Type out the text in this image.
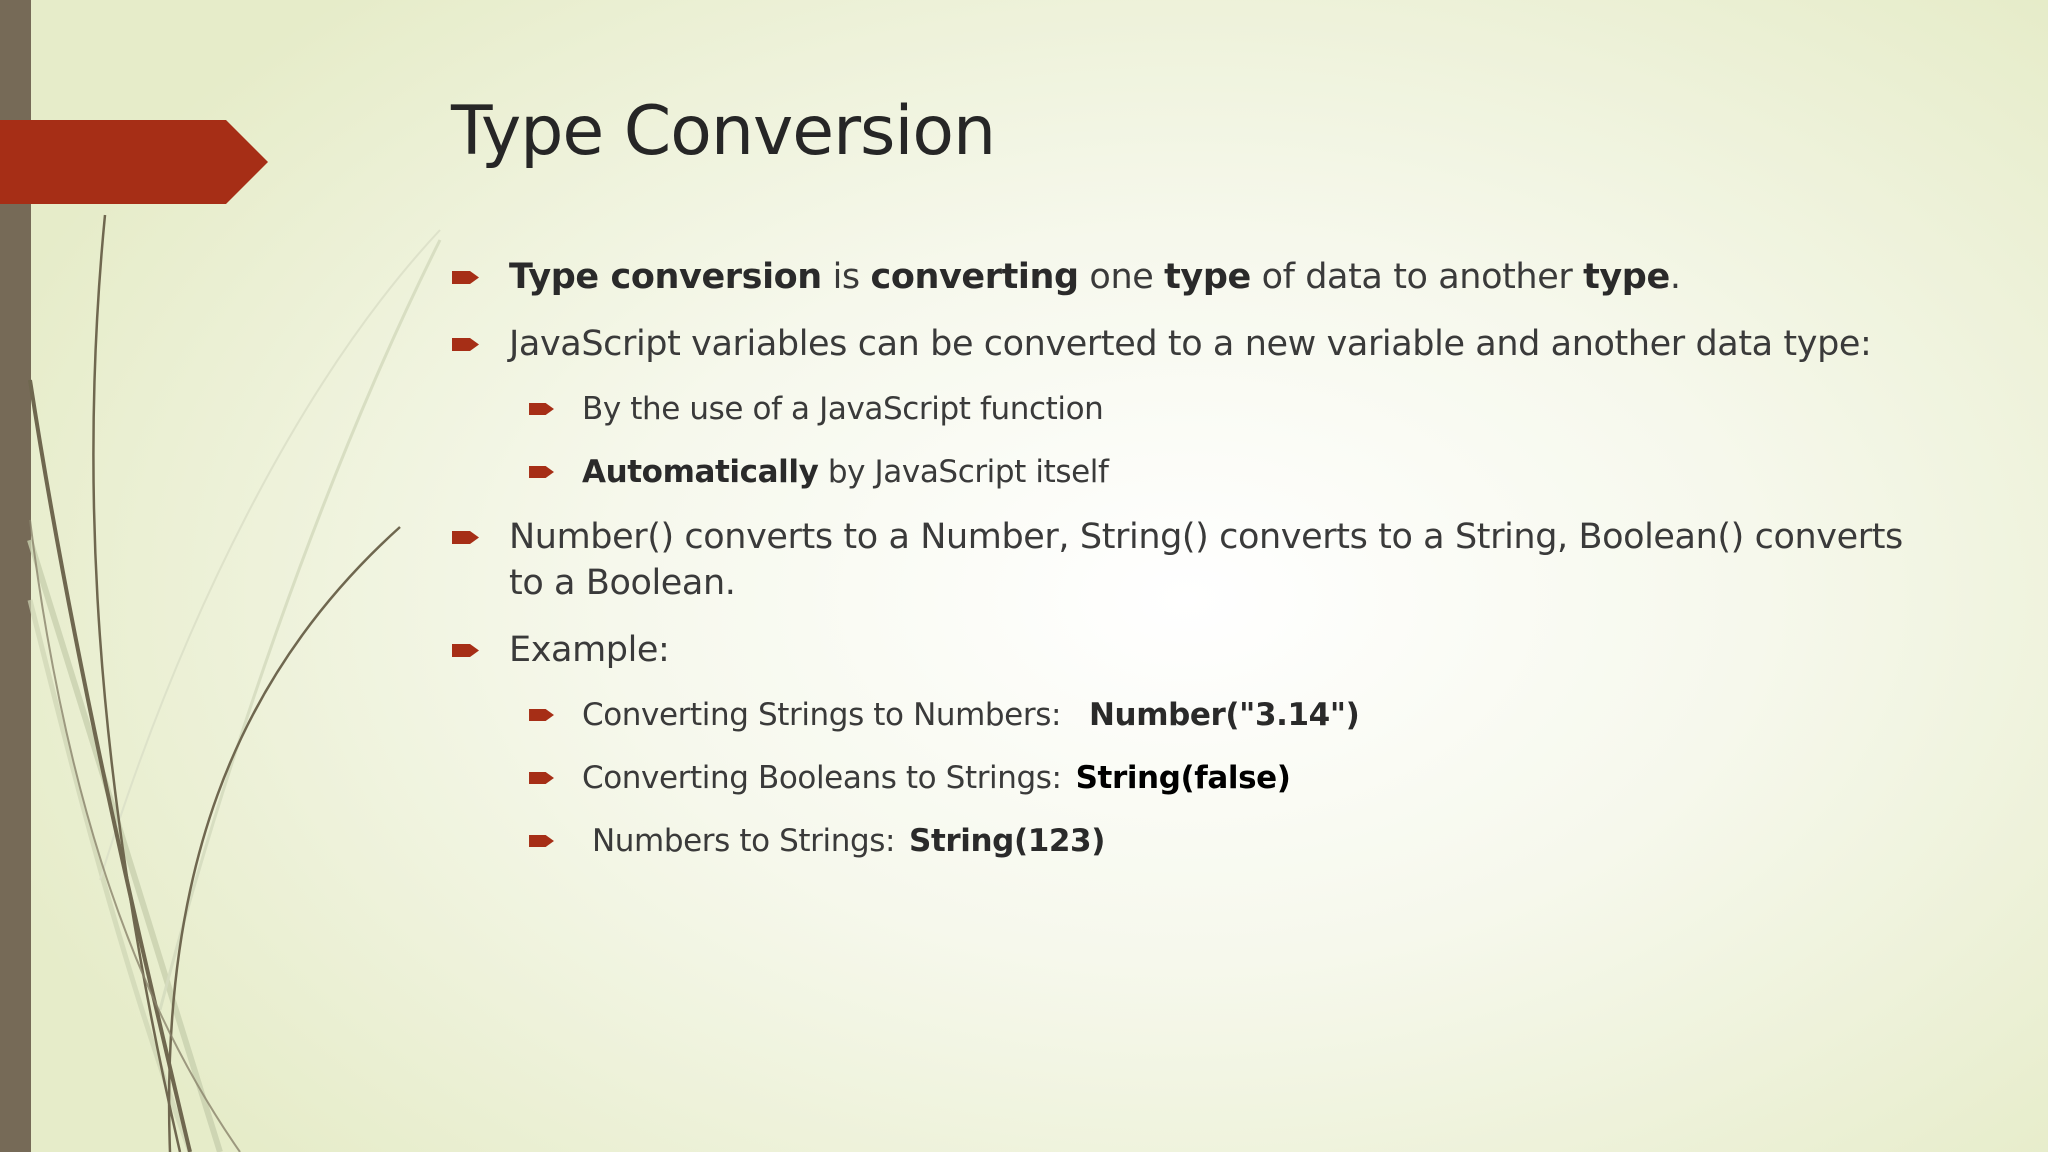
Type Conversion
Type conversion is converting one type of data to another type.
JavaScript variables can be converted to a new variable and another data type:
By the use of a JavaScript function
Automatically by JavaScript itself
Number() converts to a Number, String() converts to a String, Boolean() converts to a Boolean.
Example:
Converting Strings to Numbers: Number("3.14")
Converting Booleans to Strings: String(false)
Numbers to Strings: String(123)
